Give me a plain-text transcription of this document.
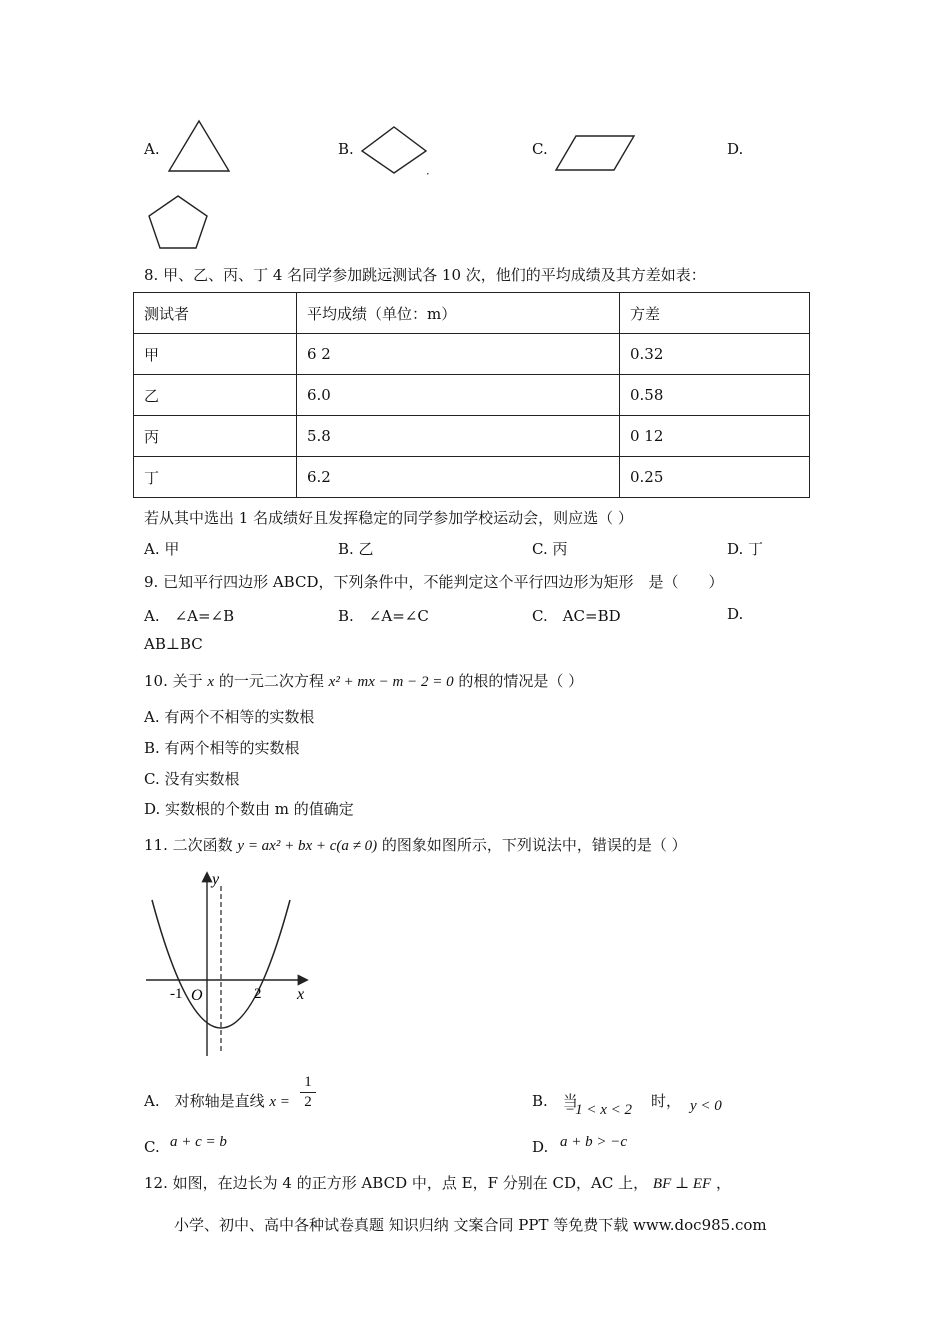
A.	B.	C.	D.
8. 甲、乙、丙、丁 4 名同学参加跳远测试各 10 次，他们的平均成绩及其方差如表：
测试者	平均成绩（单位：m）	方差
甲	6 2	0.32
乙	6.0	0.58
丙	5.8	0 12
丁	6.2	0.25
若从其中选出 1 名成绩好且发挥稳定的同学参加学校运动会，则应选（ ）
A. 甲	B. 乙	C. 丙	D. 丁
9. 已知平行四边形 ABCD，下列条件中，不能判定这个平行四边形为矩形　是（　　）
A.　∠A=∠B	B.　∠A=∠C	C.　AC=BD	D.
AB⊥BC
10. 关于 x 的一元二次方程 x² + mx − m − 2 = 0 的根的情况是（ ）
A. 有两个不相等的实数根
B. 有两个相等的实数根
C. 没有实数根
D. 实数根的个数由 m 的值确定
11. 二次函数 y = ax² + bx + c(a ≠ 0) 的图象如图所示，下列说法中，错误的是（ ）
y
x
O
-1	2
A.　对称轴是直线 x =
1
2	B.　当
−1 < x < 2 时， y < 0
C. a + c = b	D. a + b > −c
12. 如图，在边长为 4 的正方形 ABCD 中，点 E，F 分别在 CD，AC 上， BF ⊥ EF ，
小学、初中、高中各种试卷真题 知识归纳 文案合同 PPT 等免费下载 www.doc985.com
